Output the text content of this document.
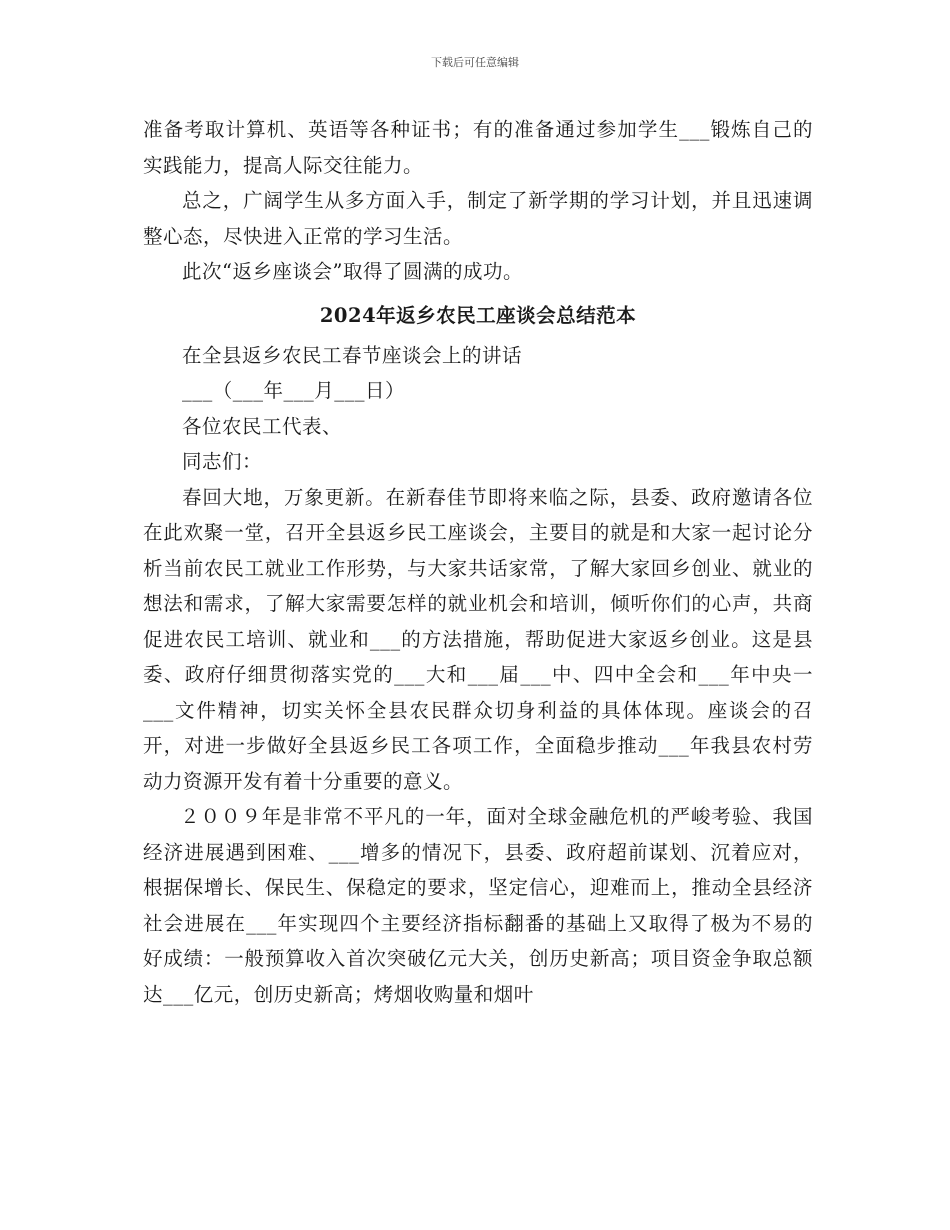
下载后可任意编辑

准备考取计算机、英语等各种证书；有的准备通过参加学生___锻炼自己的实践能力，提高人际交往能力。

总之，广阔学生从多方面入手，制定了新学期的学习计划，并且迅速调整心态，尽快进入正常的学习生活。

此次“返乡座谈会”取得了圆满的成功。

2024年返乡农民工座谈会总结范本

在全县返乡农民工春节座谈会上的讲话

___（___年___月___日）

各位农民工代表、

同志们：

春回大地，万象更新。在新春佳节即将来临之际，县委、政府邀请各位在此欢聚一堂，召开全县返乡民工座谈会，主要目的就是和大家一起讨论分析当前农民工就业工作形势，与大家共话家常，了解大家回乡创业、就业的想法和需求，了解大家需要怎样的就业机会和培训，倾听你们的心声，共商促进农民工培训、就业和___的方法措施，帮助促进大家返乡创业。这是县委、政府仔细贯彻落实党的___大和___届___中、四中全会和___年中央一___文件精神，切实关怀全县农民群众切身利益的具体体现。座谈会的召开，对进一步做好全县返乡民工各项工作，全面稳步推动___年我县农村劳动力资源开发有着十分重要的意义。

２００９年是非常不平凡的一年，面对全球金融危机的严峻考验、我国经济进展遇到困难、___增多的情况下，县委、政府超前谋划、沉着应对，根据保增长、保民生、保稳定的要求，坚定信心，迎难而上，推动全县经济社会进展在___年实现四个主要经济指标翻番的基础上又取得了极为不易的好成绩：一般预算收入首次突破亿元大关，创历史新高；项目资金争取总额达___亿元，创历史新高；烤烟收购量和烟叶
